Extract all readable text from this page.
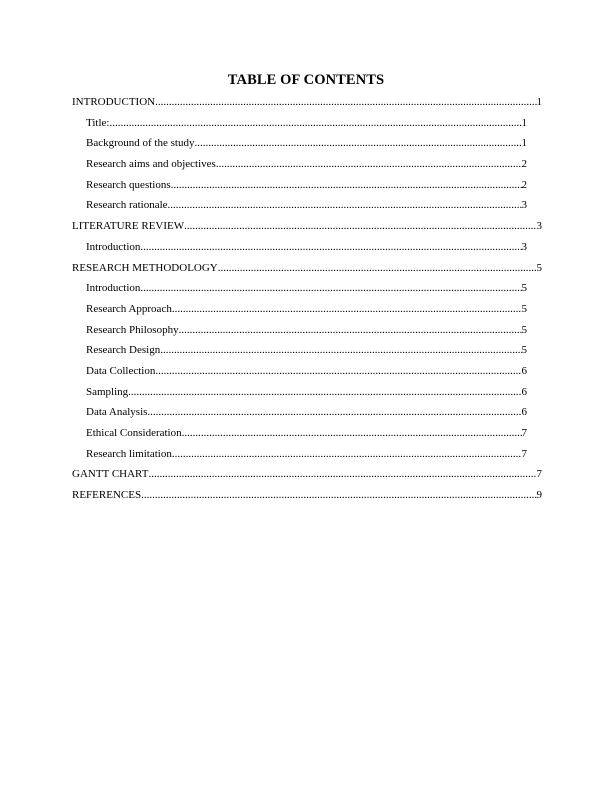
TABLE OF CONTENTS
INTRODUCTION .....	1
Title: .....	1
Background of the study .....	1
Research aims and objectives .....	2
Research questions .....	2
Research rationale .....	3
LITERATURE REVIEW .....	3
Introduction .....	3
RESEARCH METHODOLOGY .....	5
Introduction .....	5
Research Approach .....	5
Research Philosophy .....	5
Research Design .....	5
Data Collection .....	6
Sampling .....	6
Data Analysis .....	6
Ethical Consideration .....	7
Research limitation .....	7
GANTT CHART .....	7
REFERENCES .....	9
